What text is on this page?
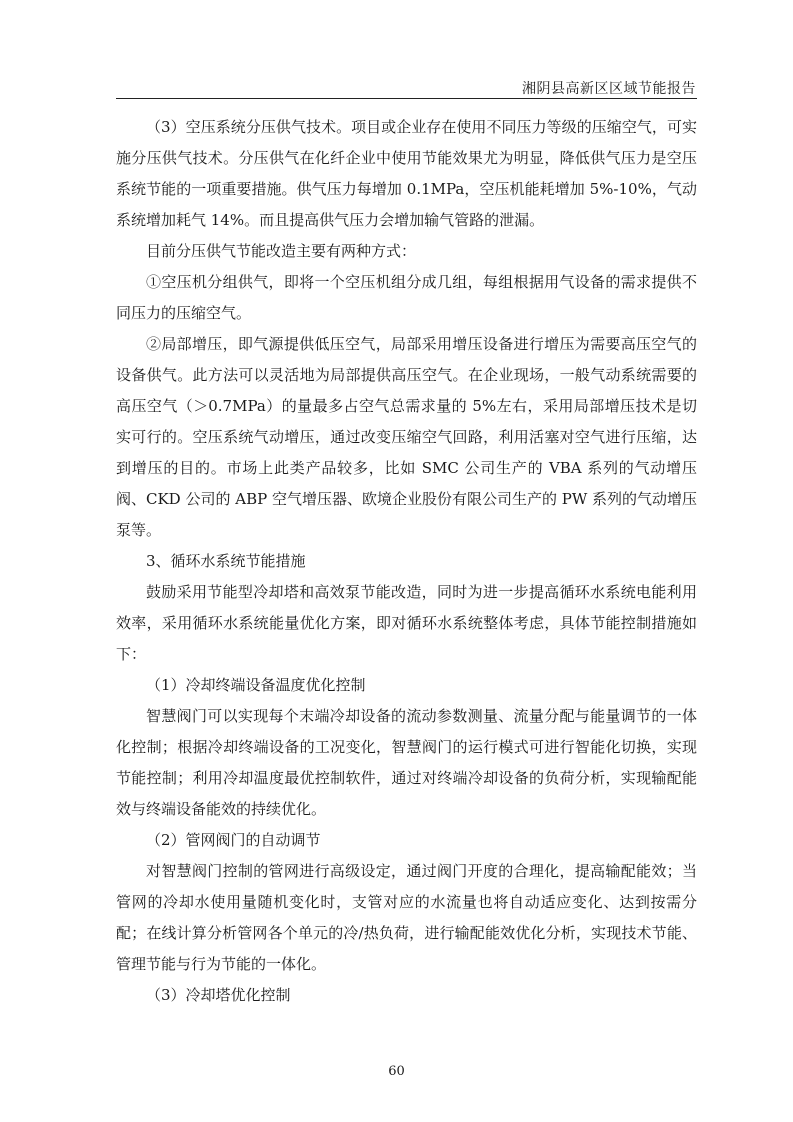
湘阴县高新区区域节能报告

（3）空压系统分压供气技术。项目或企业存在使用不同压力等级的压缩空气，可实施分压供气技术。分压供气在化纤企业中使用节能效果尤为明显，降低供气压力是空压系统节能的一项重要措施。供气压力每增加 0.1MPa，空压机能耗增加 5%-10%，气动系统增加耗气 14%。而且提高供气压力会增加输气管路的泄漏。

目前分压供气节能改造主要有两种方式：

①空压机分组供气，即将一个空压机组分成几组，每组根据用气设备的需求提供不同压力的压缩空气。

②局部增压，即气源提供低压空气，局部采用增压设备进行增压为需要高压空气的设备供气。此方法可以灵活地为局部提供高压空气。在企业现场，一般气动系统需要的高压空气（＞0.7MPa）的量最多占空气总需求量的 5%左右，采用局部增压技术是切实可行的。空压系统气动增压，通过改变压缩空气回路，利用活塞对空气进行压缩，达到增压的目的。市场上此类产品较多，比如 SMC 公司生产的 VBA 系列的气动增压阀、CKD 公司的 ABP 空气增压器、欧境企业股份有限公司生产的 PW 系列的气动增压泵等。

3、循环水系统节能措施

鼓励采用节能型冷却塔和高效泵节能改造，同时为进一步提高循环水系统电能利用效率，采用循环水系统能量优化方案，即对循环水系统整体考虑，具体节能控制措施如下：

（1）冷却终端设备温度优化控制

智慧阀门可以实现每个末端冷却设备的流动参数测量、流量分配与能量调节的一体化控制；根据冷却终端设备的工况变化，智慧阀门的运行模式可进行智能化切换，实现节能控制；利用冷却温度最优控制软件，通过对终端冷却设备的负荷分析，实现输配能效与终端设备能效的持续优化。

（2）管网阀门的自动调节

对智慧阀门控制的管网进行高级设定，通过阀门开度的合理化，提高输配能效；当管网的冷却水使用量随机变化时，支管对应的水流量也将自动适应变化、达到按需分配；在线计算分析管网各个单元的冷/热负荷，进行输配能效优化分析，实现技术节能、管理节能与行为节能的一体化。

（3）冷却塔优化控制

60
